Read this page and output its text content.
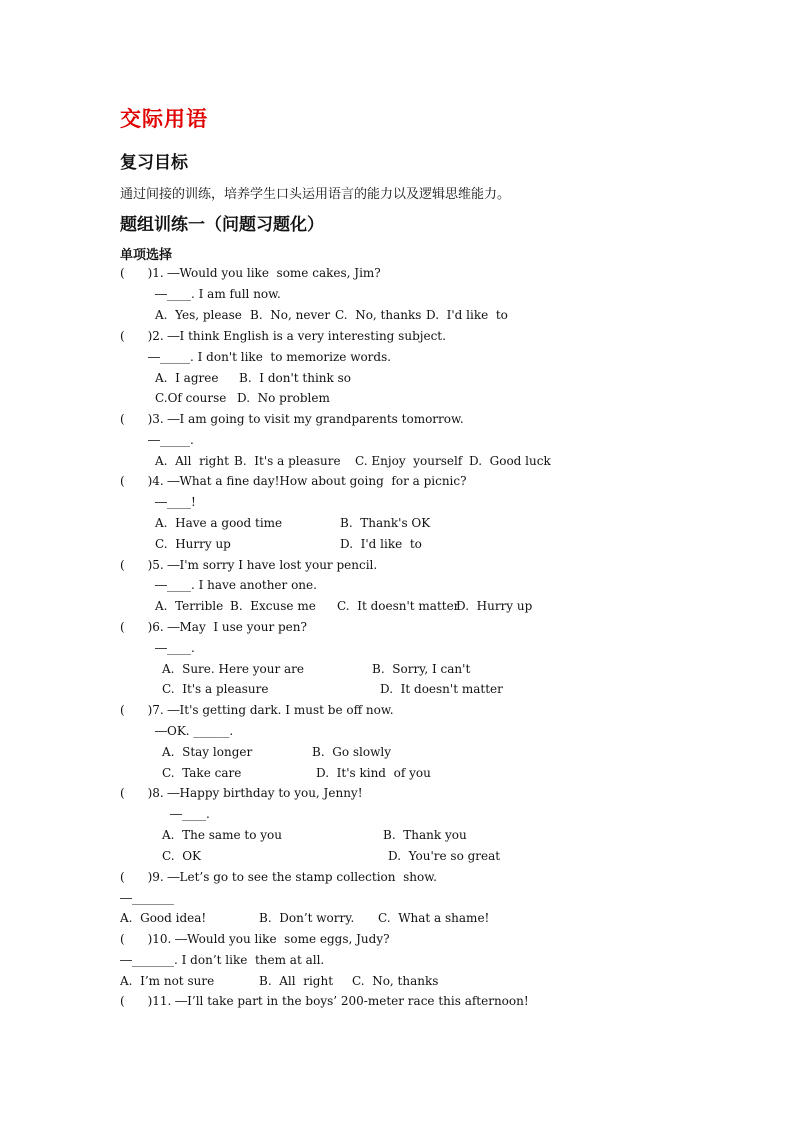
交际用语
复习目标
通过间接的训练，培养学生口头运用语言的能力以及逻辑思维能力。
题组训练一（问题习题化）
单项选择
(      )1. ―Would you like  some cakes, Jim?
―____. I am full now.
A.  Yes, please B.  No, never C.  No, thanks D.  I'd like  to
(      )2. ―I think English is a very interesting subject.
―_____. I don't like  to memorize words.
A.  I agree B.  I don't think so
C.Of course D.  No problem
(      )3. ―I am going to visit my grandparents tomorrow.
―_____.
A.  All  right B.  It's a pleasure C. Enjoy  yourself D.  Good luck
(      )4. ―What a fine day!How about going  for a picnic?
―____!
A.  Have a good time	B.  Thank's OK
C.  Hurry up	D.  I'd like  to
(      )5. ―I'm sorry I have lost your pencil.
―____. I have another one.
A.  Terrible B.  Excuse me C.  It doesn't matter
D.  Hurry up
(      )6. ―May  I use your pen?
―____.
A.  Sure. Here your are	B.  Sorry, I can't
C.  It's a pleasure	D.  It doesn't matter
(      )7. ―It's getting dark. I must be off now.
―OK. ______.
A.  Stay longer	B.  Go slowly
C.  Take care	D.  It's kind  of you
(      )8. ―Happy birthday to you, Jenny!
―____.
A.  The same to you	B.  Thank you
C.  OK	D.  You're so great
(      )9. ―Let’s go to see the stamp collection  show.
―_______
A.  Good idea!	B.  Don’t worry. C.  What a shame!
(      )10. ―Would you like  some eggs, Judy?
―_______. I don’t like  them at all.
A.  I’m not sure	B.  All  right C.  No, thanks
(      )11. ―I’ll take part in the boys’ 200-meter race this afternoon!
